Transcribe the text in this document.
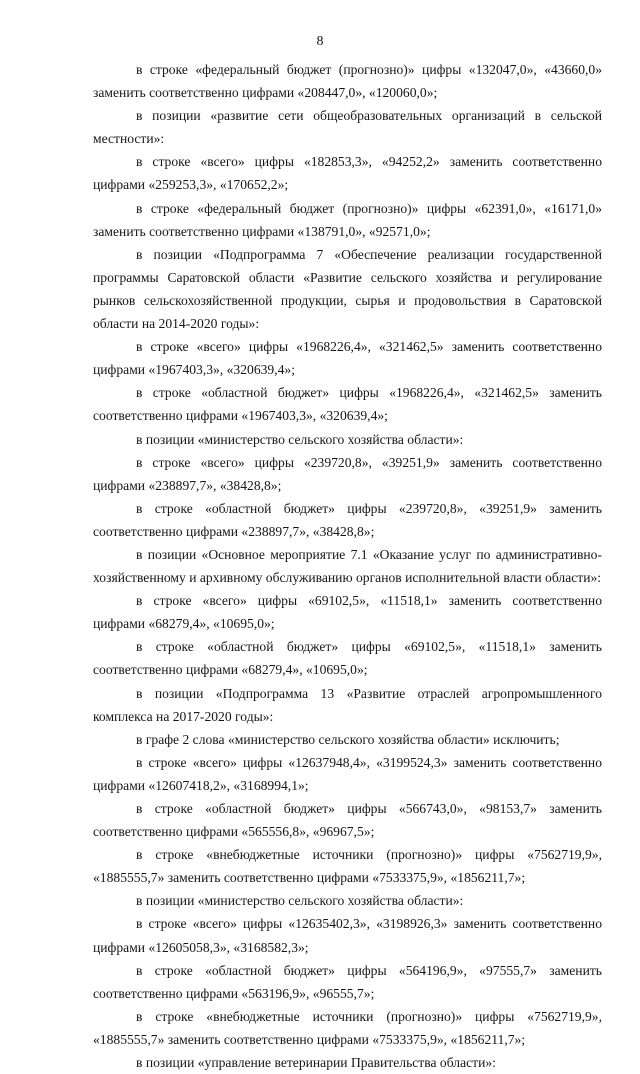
8

в строке «федеральный бюджет (прогнозно)» цифры «132047,0», «43660,0» заменить соответственно цифрами «208447,0», «120060,0»;

в позиции «развитие сети общеобразовательных организаций в сельской местности»:

в строке «всего» цифры «182853,3», «94252,2» заменить соответственно цифрами «259253,3», «170652,2»;

в строке «федеральный бюджет (прогнозно)» цифры «62391,0», «16171,0» заменить соответственно цифрами «138791,0», «92571,0»;

в позиции «Подпрограмма 7 «Обеспечение реализации государственной программы Саратовской области «Развитие сельского хозяйства и регулирование рынков сельскохозяйственной продукции, сырья и продовольствия в Саратовской области на 2014-2020 годы»:

в строке «всего» цифры «1968226,4», «321462,5» заменить соответственно цифрами «1967403,3», «320639,4»;

в строке «областной бюджет» цифры «1968226,4», «321462,5» заменить соответственно цифрами «1967403,3», «320639,4»;

в позиции «министерство сельского хозяйства области»:

в строке «всего» цифры «239720,8», «39251,9» заменить соответственно цифрами «238897,7», «38428,8»;

в строке «областной бюджет» цифры «239720,8», «39251,9» заменить соответственно цифрами «238897,7», «38428,8»;

в позиции «Основное мероприятие 7.1 «Оказание услуг по административно-хозяйственному и архивному обслуживанию органов исполнительной власти области»:

в строке «всего» цифры «69102,5», «11518,1» заменить соответственно цифрами «68279,4», «10695,0»;

в строке «областной бюджет» цифры «69102,5», «11518,1» заменить соответственно цифрами «68279,4», «10695,0»;

в позиции «Подпрограмма 13 «Развитие отраслей агропромышленного комплекса на 2017-2020 годы»:

в графе 2 слова «министерство сельского хозяйства области» исключить;

в строке «всего» цифры «12637948,4», «3199524,3» заменить соответственно цифрами «12607418,2», «3168994,1»;

в строке «областной бюджет» цифры «566743,0», «98153,7» заменить соответственно цифрами «565556,8», «96967,5»;

в строке «внебюджетные источники (прогнозно)» цифры «7562719,9», «1885555,7» заменить соответственно цифрами «7533375,9», «1856211,7»;

в позиции «министерство сельского хозяйства области»:

в строке «всего» цифры «12635402,3», «3198926,3» заменить соответственно цифрами «12605058,3», «3168582,3»;

в строке «областной бюджет» цифры «564196,9», «97555,7» заменить соответственно цифрами «563196,9», «96555,7»;

в строке «внебюджетные источники (прогнозно)» цифры «7562719,9», «1885555,7» заменить соответственно цифрами «7533375,9», «1856211,7»;

в позиции «управление ветеринарии Правительства области»:
